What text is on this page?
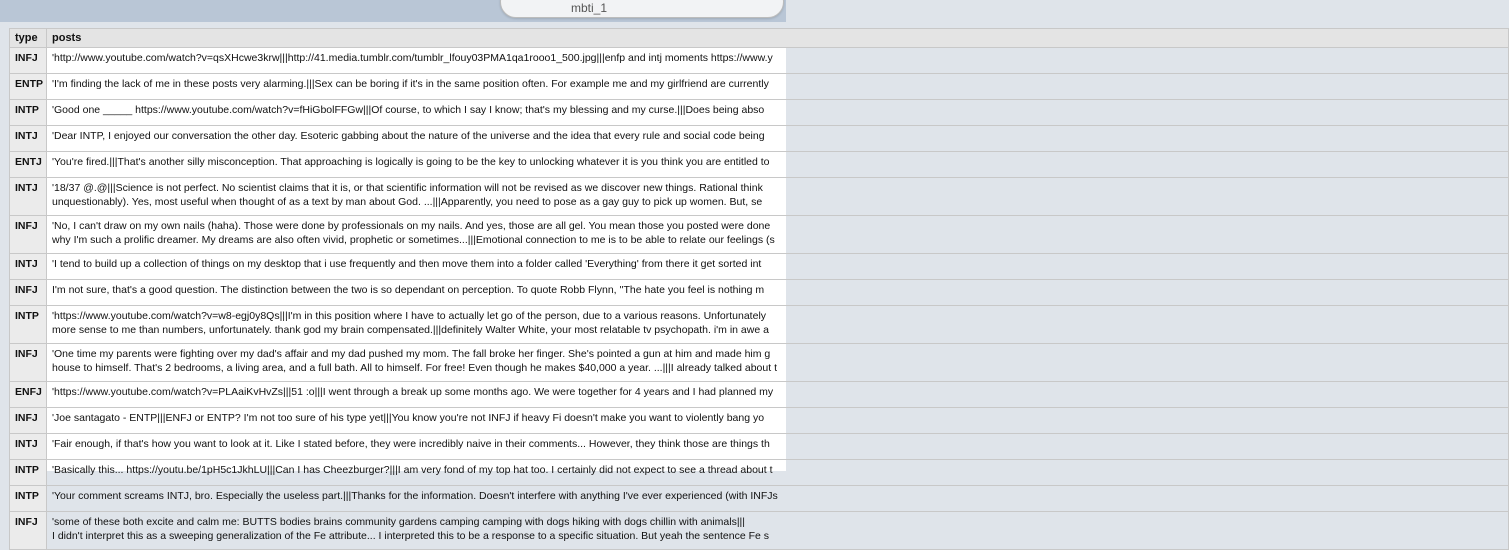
mbti_1
type	posts
INFJ	'http://www.youtube.com/watch?v=qsXHcwe3krw|||http://41.media.tumblr.com/tumblr_lfouy03PMA1qa1rooo1_500.jpg|||enfp and intj moments https://www.y

ENTP	'I'm finding the lack of me in these posts very alarming.|||Sex can be boring if it's in the same position often. For example me and my girlfriend are currently

INTP	'Good one _____ https://www.youtube.com/watch?v=fHiGbolFFGw|||Of course, to which I say I know; that's my blessing and my curse.|||Does being abso

INTJ	'Dear INTP, I enjoyed our conversation the other day. Esoteric gabbing about the nature of the universe and the idea that every rule and social code being

ENTJ	'You're fired.|||That's another silly misconception. That approaching is logically is going to be the key to unlocking whatever it is you think you are entitled to

INTJ	'18/37 @.@|||Science is not perfect. No scientist claims that it is, or that scientific information will not be revised as we discover new things. Rational think
unquestionably). Yes, most useful when thought of as a text by man about God. ...|||Apparently, you need to pose as a gay guy to pick up women. But, se

INFJ	'No, I can't draw on my own nails (haha). Those were done by professionals on my nails. And yes, those are all gel. You mean those you posted were done
why I'm such a prolific dreamer. My dreams are also often vivid, prophetic or sometimes...|||Emotional connection to me is to be able to relate our feelings (s

INTJ	'I tend to build up a collection of things on my desktop that i use frequently and then move them into a folder called 'Everything' from there it get sorted int

INFJ	I'm not sure, that's a good question. The distinction between the two is so dependant on perception. To quote Robb Flynn, ''The hate you feel is nothing m

INTP	'https://www.youtube.com/watch?v=w8-egj0y8Qs|||I'm in this position where I have to actually let go of the person, due to a various reasons. Unfortunately
more sense to me than numbers, unfortunately. thank god my brain compensated.|||definitely Walter White, your most relatable tv psychopath. i'm in awe a

INFJ	'One time my parents were fighting over my dad's affair and my dad pushed my mom. The fall broke her finger. She's pointed a gun at him and made him g
house to himself. That's 2 bedrooms, a living area, and a full bath. All to himself. For free! Even though he makes $40,000 a year. ...|||I already talked about t

ENFJ	'https://www.youtube.com/watch?v=PLAaiKvHvZs|||51 :o|||I went through a break up some months ago. We were together for 4 years and I had planned my

INFJ	'Joe santagato - ENTP|||ENFJ or ENTP? I'm not too sure of his type yet|||You know you're not INFJ if heavy Fi doesn't make you want to violently bang yo

INTJ	'Fair enough, if that's how you want to look at it. Like I stated before, they were incredibly naive in their comments... However, they think those are things th

INTP	'Basically this... https://youtu.be/1pH5c1JkhLU|||Can I has Cheezburger?|||I am very fond of my top hat too. I certainly did not expect to see a thread about t

INTP	'Your comment screams INTJ, bro. Especially the useless part.|||Thanks for the information. Doesn't interfere with anything I've ever experienced (with INFJs

INFJ	'some of these both excite and calm me: BUTTS bodies brains community gardens camping camping with dogs hiking with dogs chillin with animals|||
I didn't interpret this as a sweeping generalization of the Fe attribute... I interpreted this to be a response to a specific situation. But yeah the sentence Fe s
